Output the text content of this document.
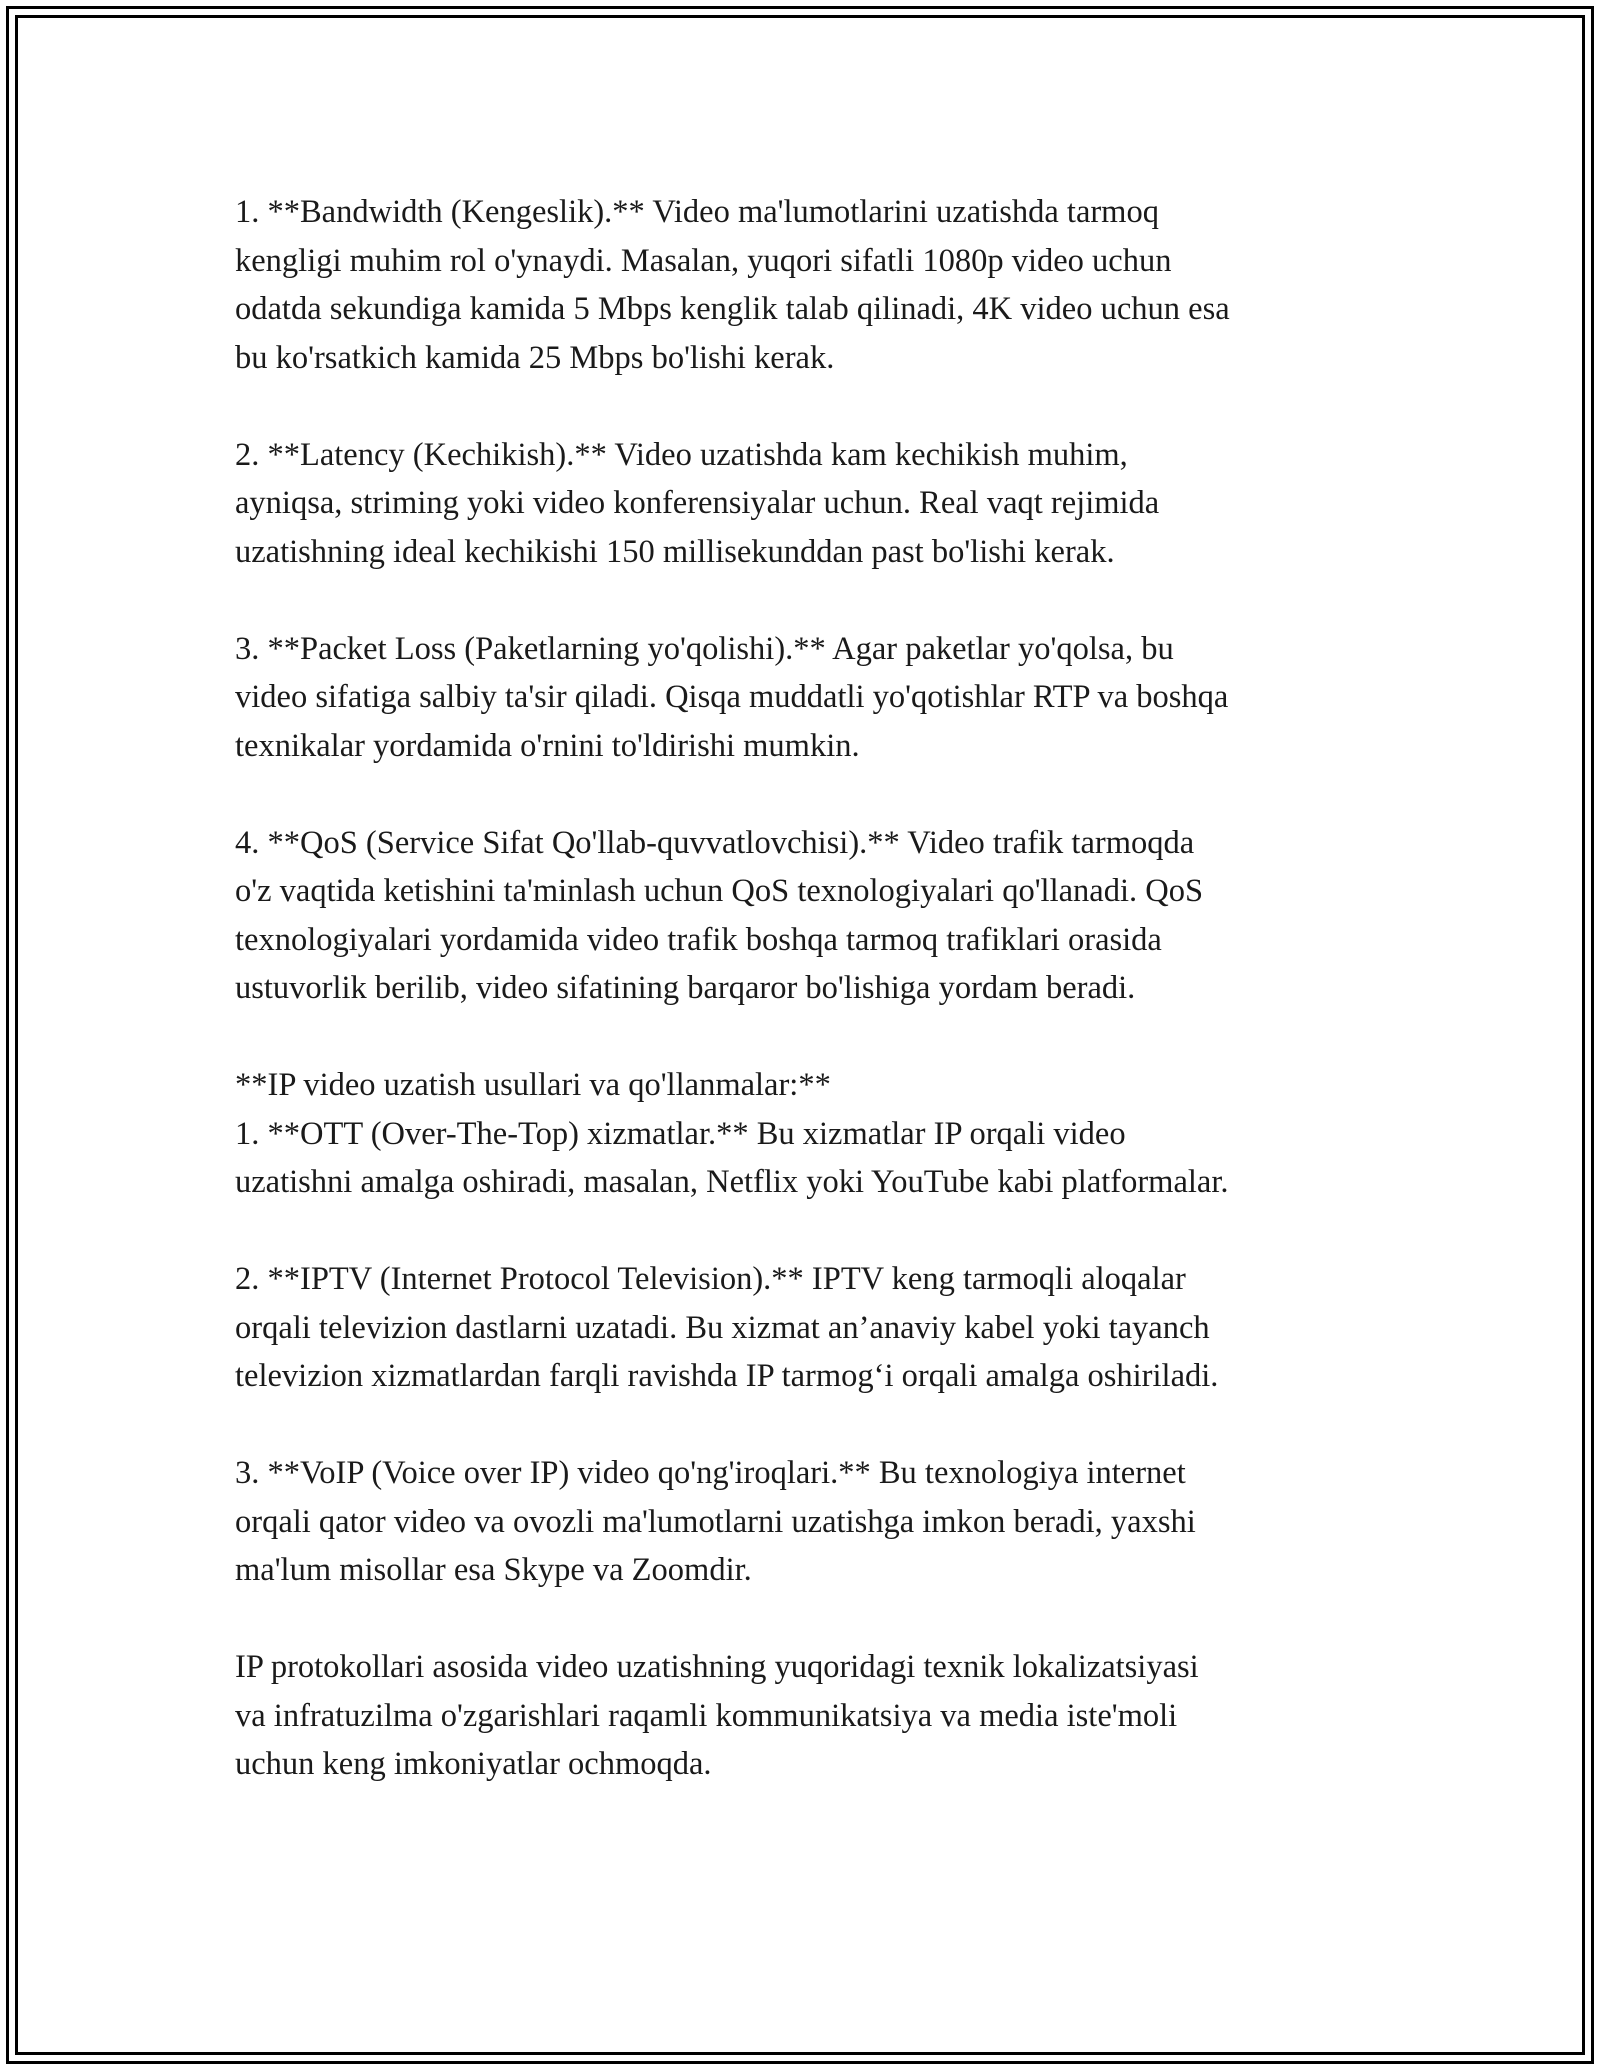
1. **Bandwidth (Kengeslik).** Video ma'lumotlarini uzatishda tarmoq
kengligi muhim rol o'ynaydi. Masalan, yuqori sifatli 1080p video uchun
odatda sekundiga kamida 5 Mbps kenglik talab qilinadi, 4K video uchun esa
bu ko'rsatkich kamida 25 Mbps bo'lishi kerak.

2. **Latency (Kechikish).** Video uzatishda kam kechikish muhim,
ayniqsa, striming yoki video konferensiyalar uchun. Real vaqt rejimida
uzatishning ideal kechikishi 150 millisekunddan past bo'lishi kerak.

3. **Packet Loss (Paketlarning yo'qolishi).** Agar paketlar yo'qolsa, bu
video sifatiga salbiy ta'sir qiladi. Qisqa muddatli yo'qotishlar RTP va boshqa
texnikalar yordamida o'rnini to'ldirishi mumkin.

4. **QoS (Service Sifat Qo'llab-quvvatlovchisi).** Video trafik tarmoqda
o'z vaqtida ketishini ta'minlash uchun QoS texnologiyalari qo'llanadi. QoS
texnologiyalari yordamida video trafik boshqa tarmoq trafiklari orasida
ustuvorlik berilib, video sifatining barqaror bo'lishiga yordam beradi.

**IP video uzatish usullari va qo'llanmalar:**
1. **OTT (Over-The-Top) xizmatlar.** Bu xizmatlar IP orqali video
uzatishni amalga oshiradi, masalan, Netflix yoki YouTube kabi platformalar.

2. **IPTV (Internet Protocol Television).** IPTV keng tarmoqli aloqalar
orqali televizion dastlarni uzatadi. Bu xizmat an’anaviy kabel yoki tayanch
televizion xizmatlardan farqli ravishda IP tarmog‘i orqali amalga oshiriladi.

3. **VoIP (Voice over IP) video qo'ng'iroqlari.** Bu texnologiya internet
orqali qator video va ovozli ma'lumotlarni uzatishga imkon beradi, yaxshi
ma'lum misollar esa Skype va Zoomdir.

IP protokollari asosida video uzatishning yuqoridagi texnik lokalizatsiyasi
va infratuzilma o'zgarishlari raqamli kommunikatsiya va media iste'moli
uchun keng imkoniyatlar ochmoqda.
